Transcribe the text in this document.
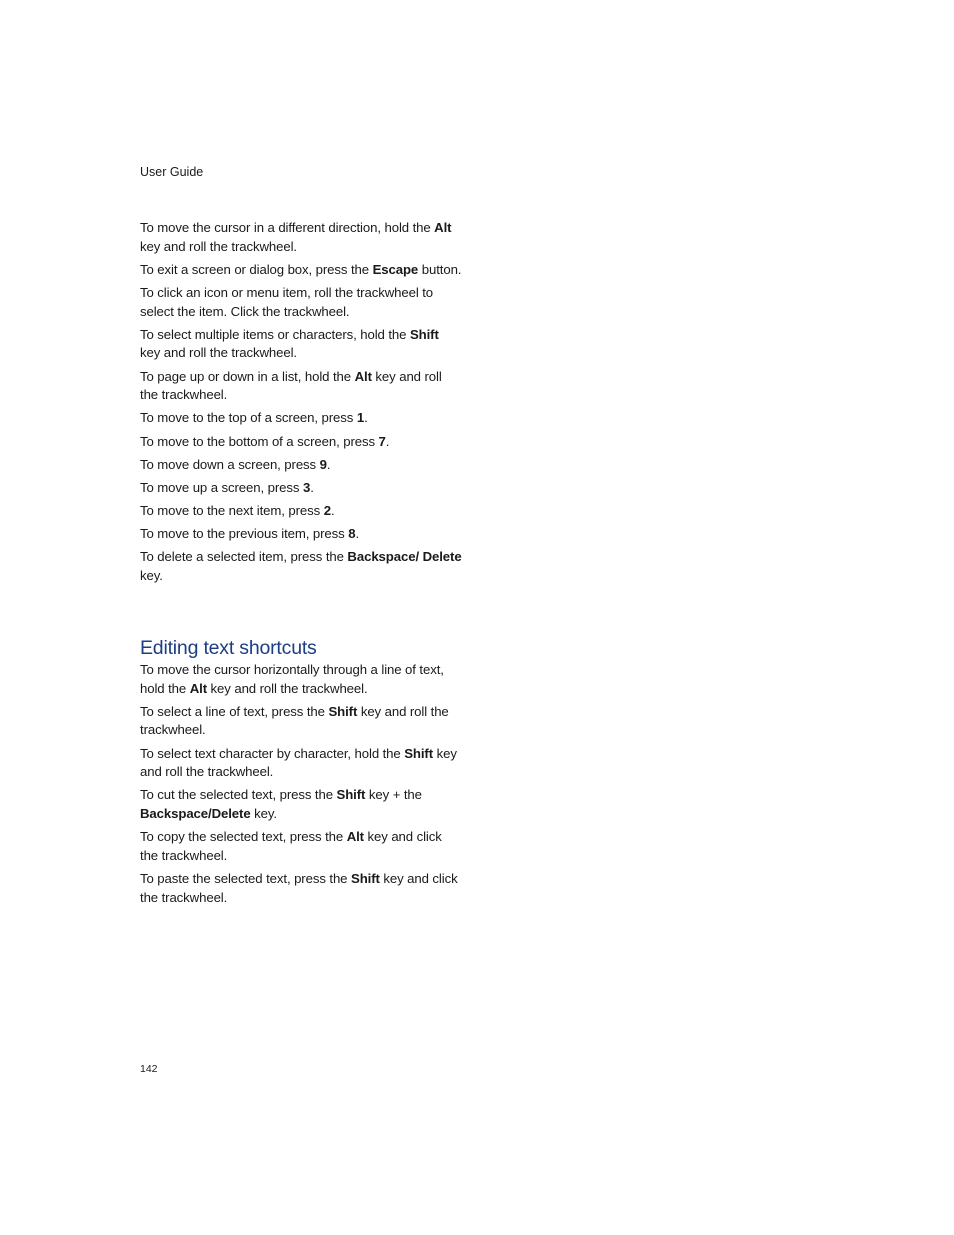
User Guide

To move the cursor in a different direction, hold the Alt key and roll the trackwheel.

To exit a screen or dialog box, press the Escape button.

To click an icon or menu item, roll the trackwheel to select the item. Click the trackwheel.

To select multiple items or characters, hold the Shift key and roll the trackwheel.

To page up or down in a list, hold the Alt key and roll the trackwheel.

To move to the top of a screen, press 1.

To move to the bottom of a screen, press 7.

To move down a screen, press 9.

To move up a screen, press 3.

To move to the next item, press 2.

To move to the previous item, press 8.

To delete a selected item, press the Backspace/ Delete key.

Editing text shortcuts

To move the cursor horizontally through a line of text, hold the Alt key and roll the trackwheel.

To select a line of text, press the Shift key and roll the trackwheel.

To select text character by character, hold the Shift key and roll the trackwheel.

To cut the selected text, press the Shift key + the Backspace/Delete key.

To copy the selected text, press the Alt key and click the trackwheel.

To paste the selected text, press the Shift key and click the trackwheel.

142
